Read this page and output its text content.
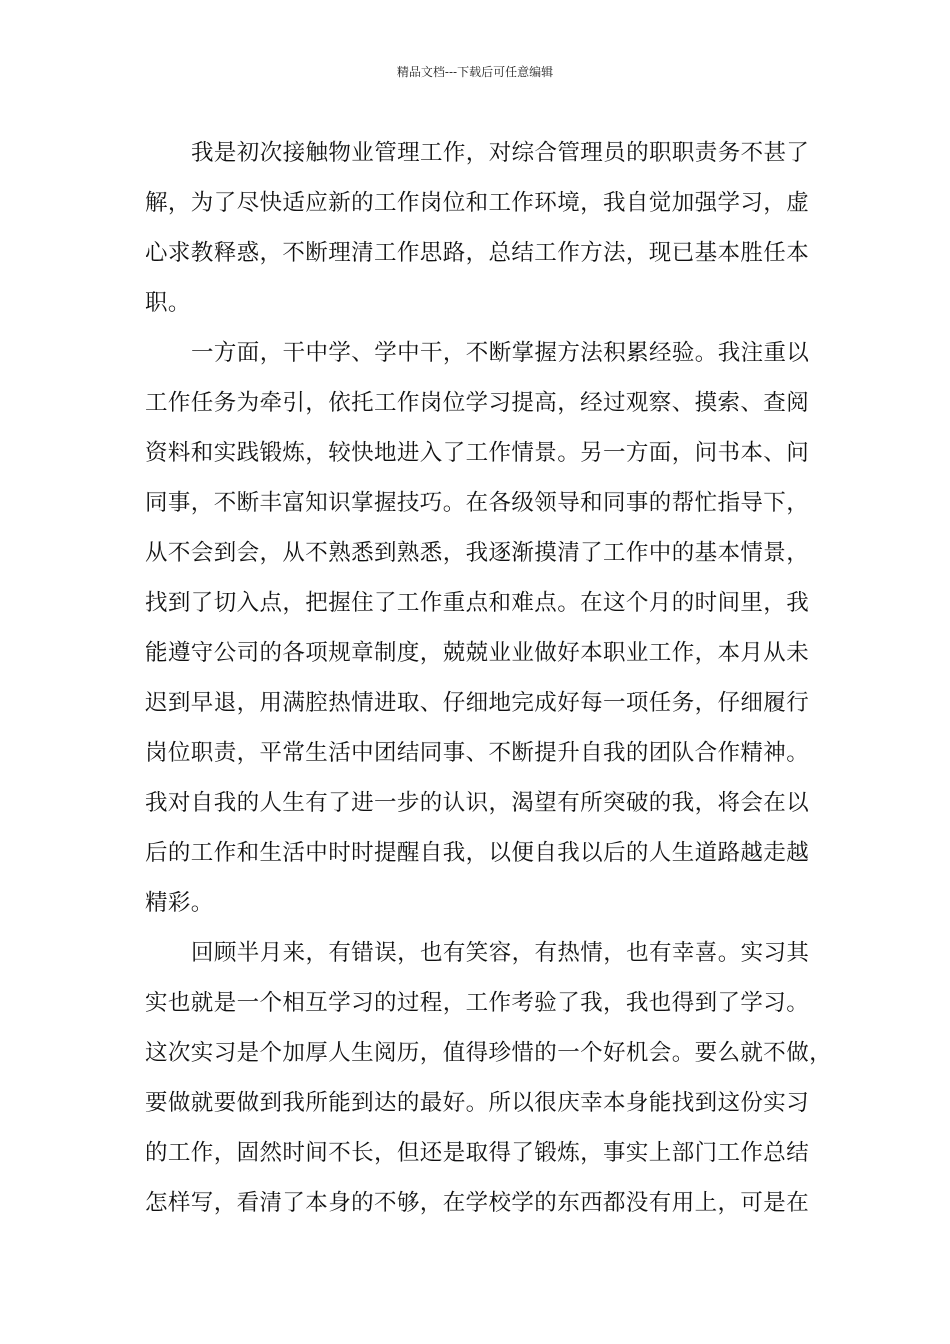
精品文档---下载后可任意编辑
我是初次接触物业管理工作，对综合管理员的职职责务不甚了
解，为了尽快适应新的工作岗位和工作环境，我自觉加强学习，虚
心求教释惑，不断理清工作思路，总结工作方法，现已基本胜任本
职。
一方面，干中学、学中干，不断掌握方法积累经验。我注重以
工作任务为牵引，依托工作岗位学习提高，经过观察、摸索、查阅
资料和实践锻炼，较快地进入了工作情景。另一方面，问书本、问
同事，不断丰富知识掌握技巧。在各级领导和同事的帮忙指导下，
从不会到会，从不熟悉到熟悉，我逐渐摸清了工作中的基本情景，
找到了切入点，把握住了工作重点和难点。在这个月的时间里，我
能遵守公司的各项规章制度，兢兢业业做好本职业工作，本月从未
迟到早退，用满腔热情进取、仔细地完成好每一项任务，仔细履行
岗位职责，平常生活中团结同事、不断提升自我的团队合作精神。
我对自我的人生有了进一步的认识，渴望有所突破的我，将会在以
后的工作和生活中时时提醒自我，以便自我以后的人生道路越走越
精彩。
回顾半月来，有错误，也有笑容，有热情，也有幸喜。实习其
实也就是一个相互学习的过程，工作考验了我，我也得到了学习。
这次实习是个加厚人生阅历，值得珍惜的一个好机会。要么就不做，
要做就要做到我所能到达的最好。所以很庆幸本身能找到这份实习
的工作，固然时间不长，但还是取得了锻炼，事实上部门工作总结
怎样写，看清了本身的不够，在学校学的东西都没有用上，可是在
